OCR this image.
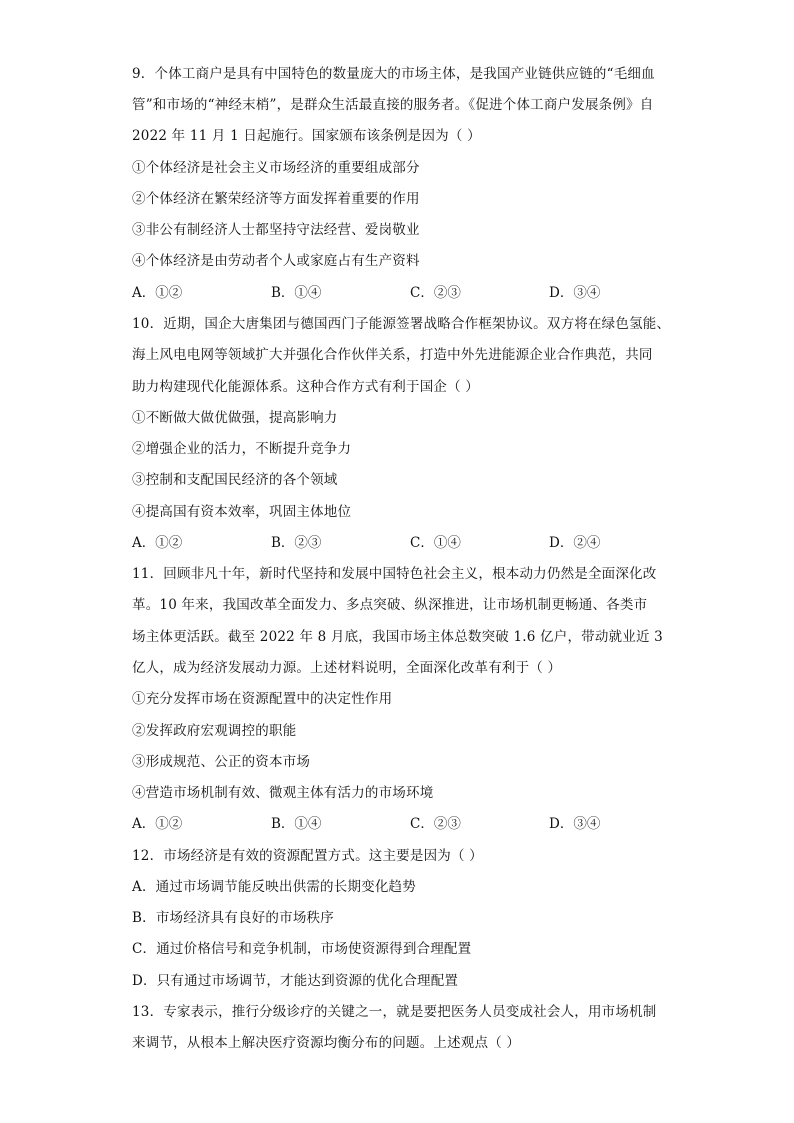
9．个体工商户是具有中国特色的数量庞大的市场主体，是我国产业链供应链的“毛细血
管”和市场的“神经末梢”，是群众生活最直接的服务者。《促进个体工商户发展条例》自
2022 年 11 月 1 日起施行。国家颁布该条例是因为（ ）
①个体经济是社会主义市场经济的重要组成部分
②个体经济在繁荣经济等方面发挥着重要的作用
③非公有制经济人士都坚持守法经营、爱岗敬业
④个体经济是由劳动者个人或家庭占有生产资料
A．①②	B．①④	C．②③	D．③④
10．近期，国企大唐集团与德国西门子能源签署战略合作框架协议。双方将在绿色氢能、
海上风电电网等领域扩大并强化合作伙伴关系，打造中外先进能源企业合作典范，共同
助力构建现代化能源体系。这种合作方式有利于国企（ ）
①不断做大做优做强，提高影响力
②增强企业的活力，不断提升竞争力
③控制和支配国民经济的各个领域
④提高国有资本效率，巩固主体地位
A．①②	B．②③	C．①④	D．②④
11．回顾非凡十年，新时代坚持和发展中国特色社会主义，根本动力仍然是全面深化改
革。10 年来，我国改革全面发力、多点突破、纵深推进，让市场机制更畅通、各类市
场主体更活跃。截至 2022 年 8 月底，我国市场主体总数突破 1.6 亿户，带动就业近 3
亿人，成为经济发展动力源。上述材料说明，全面深化改革有利于（ ）
①充分发挥市场在资源配置中的决定性作用
②发挥政府宏观调控的职能
③形成规范、公正的资本市场
④营造市场机制有效、微观主体有活力的市场环境
A．①②	B．①④	C．②③	D．③④
12．市场经济是有效的资源配置方式。这主要是因为（ ）
A．通过市场调节能反映出供需的长期变化趋势
B．市场经济具有良好的市场秩序
C．通过价格信号和竞争机制，市场使资源得到合理配置
D．只有通过市场调节，才能达到资源的优化合理配置
13．专家表示，推行分级诊疗的关键之一，就是要把医务人员变成社会人，用市场机制
来调节，从根本上解决医疗资源均衡分布的问题。上述观点（ ）
